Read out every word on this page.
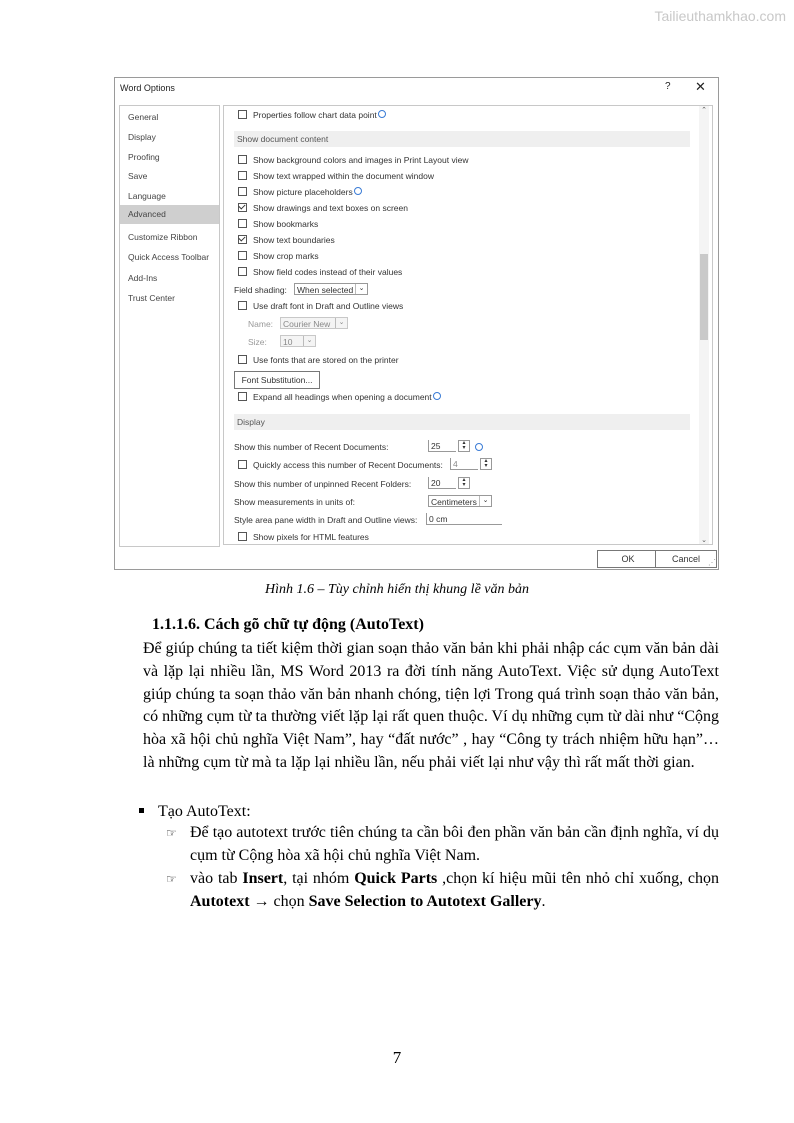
Tailieuthamkhao.com
Word Options	? ✕
General
Display
Proofing
Save
Language
Advanced
Customize Ribbon
Quick Access Toolbar
Add-Ins
Trust Center
Properties follow chart data point
Show document content
Show background colors and images in Print Layout view
Show text wrapped within the document window
Show picture placeholders
Show drawings and text boxes on screen
Show bookmarks
Show text boundaries
Show crop marks
Show field codes instead of their values
Field shading:	When selected ⌄
Use draft font in Draft and Outline views
Name:	Courier New	⌄
Size:	10	⌄
Use fonts that are stored on the printer
Font Substitution...
Expand all headings when opening a document
Display
Show this number of Recent Documents:	25	▴
▾
Quickly access this number of Recent Documents:	4	▴
▾
Show this number of unpinned Recent Folders:	20	▴
▾
Show measurements in units of:	Centimeters ⌄
Style area pane width in Draft and Outline views:	0 cm
Show pixels for HTML features
⌃
⌄
OK	Cancel	⋰
Hình 1.6 – Tùy chỉnh hiển thị khung lề văn bản
1.1.1.6. Cách gõ chữ tự động (AutoText)

Để giúp chúng ta tiết kiệm thời gian soạn thảo văn bản khi phải nhập các cụm văn bản dài và lặp lại nhiều lần, MS Word 2013 ra đời tính năng AutoText. Việc sử dụng AutoText giúp chúng ta soạn thảo văn bản nhanh chóng, tiện lợi Trong quá trình soạn thảo văn bản, có những cụm từ ta thường viết lặp lại rất quen thuộc. Ví dụ những cụm từ dài như “Cộng hòa xã hội chủ nghĩa Việt Nam”, hay “đất nước” , hay “Công ty trách nhiệm hữu hạn”… là những cụm từ mà ta lặp lại nhiều lần, nếu phải viết lại như vậy thì rất mất thời gian.

Tạo AutoText:
☞ Để tạo autotext trước tiên chúng ta cần bôi đen phần văn bản cần định nghĩa, ví dụ cụm từ Cộng hòa xã hội chủ nghĩa Việt Nam.
☞ vào tab Insert, tại nhóm Quick Parts ,chọn kí hiệu mũi tên nhỏ chỉ xuống, chọn Autotext → chọn Save Selection to Autotext Gallery.
7
